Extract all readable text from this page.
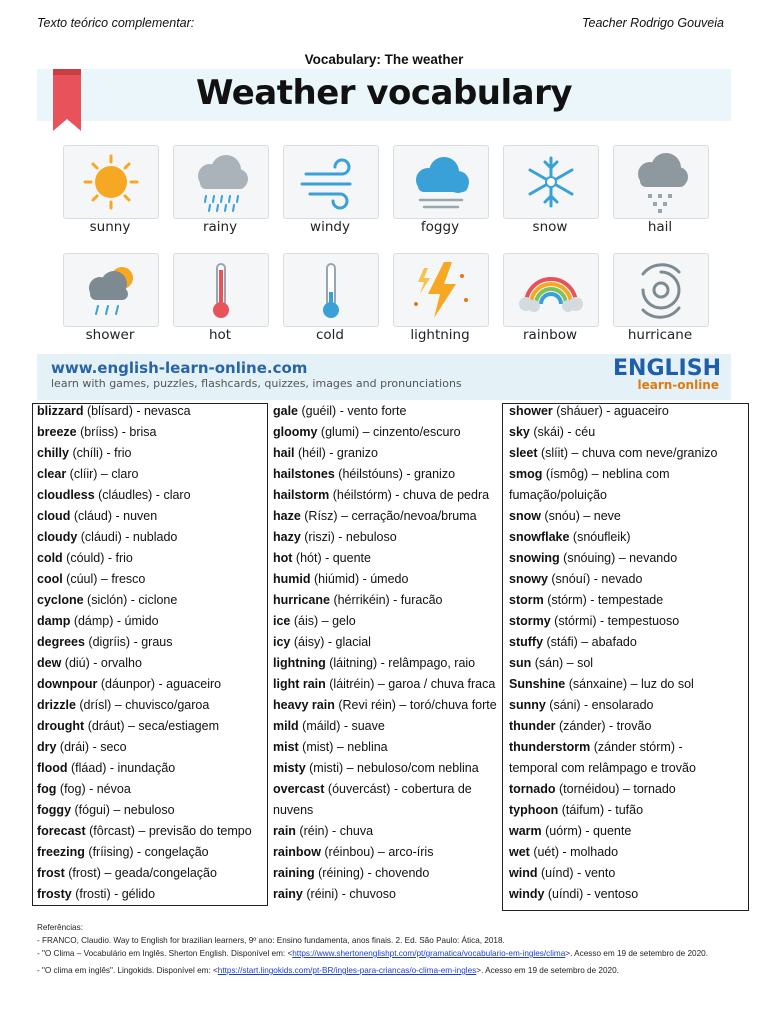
Texto teórico complementar:	Teacher Rodrigo Gouveia
Vocabulary: The weather
Weather vocabulary
sunny	rainy	windy	foggy	snow	hail
shower	hot	cold	lightning	rainbow	hurricane
www.english-learn-online.com
learn with games, puzzles, flashcards, quizzes, images and pronunciations
ENGLISH
learn-online
blizzard (blísard) - nevasca
breeze (bríiss) - brisa
chilly (chíli) - frio
clear (clíir) – claro
cloudless (cláudles) - claro
cloud (cláud) - nuven
cloudy (cláudi) - nublado
cold (cóuld) - frio
cool (cúul) – fresco
cyclone (siclón) - ciclone
damp (dámp) - úmido
degrees (digríis) - graus
dew (diú) - orvalho
downpour (dáunpor) - aguaceiro
drizzle (drísl) – chuvisco/garoa
drought (dráut) – seca/estiagem
dry (drái) - seco
flood (fláad) - inundação
fog (fog) - névoa
foggy (fógui) – nebuloso
forecast (fôrcast) – previsão do tempo
freezing (fríising) - congelação
frost (frost) – geada/congelação
frosty (frosti) - gélido
gale (guéil) - vento forte
gloomy (glumi) – cinzento/escuro
hail (héil) - granizo
hailstones (héilstóuns) - granizo
hailstorm (héilstórm) - chuva de pedra
haze (Rísz) – cerração/nevoa/bruma
hazy (riszi) - nebuloso
hot (hót) - quente
humid (hiúmid) - úmedo
hurricane (hérrikéin) - furacão
ice (áis) – gelo
icy (áisy) - glacial
lightning (láitning) - relâmpago, raio
light rain (láitréin) – garoa / chuva fraca
heavy rain (Revi réin) – toró/chuva forte
mild (máild) - suave
mist (mist) – neblina
misty (misti) – nebuloso/com neblina
overcast (óuvercást) - cobertura de
nuvens
rain (réin) - chuva
rainbow (réinbou) – arco-íris
raining (réining) - chovendo
rainy (réini) - chuvoso
shower (sháuer) - aguaceiro
sky (skái) - céu
sleet (slíit) – chuva com neve/granizo
smog (ísmôg) – neblina com
fumação/poluição
snow (snóu) – neve
snowflake (snóufleik)
snowing (snóuing) – nevando
snowy (snóuí) - nevado
storm (stórm) - tempestade
stormy (stórmi) - tempestuoso
stuffy (stáfi) – abafado
sun (sán) – sol
Sunshine (sánxaine) – luz do sol
sunny (sáni) - ensolarado
thunder (zánder) - trovão
thunderstorm (zánder stórm) -
temporal com relâmpago e trovão
tornado (tornéidou) – tornado
typhoon (táifum) - tufão
warm (uórm) - quente
wet (uét) - molhado
wind (uínd) - vento
windy (uíndi) - ventoso
Referências:
- FRANCO, Claudio. Way to English for brazilian learners, 9º ano: Ensino fundamenta, anos finais. 2. Ed. São Paulo: Ática, 2018.
- "O Clima – Vocabulário em Inglês. Sherton English. Disponível em: <https://www.shertonenglishpt.com/pt/gramatica/vocabulario-em-ingles/clima>. Acesso em 19 de setembro de 2020.
- "O clima em inglês". Lingokids. Disponível em: <https://start.lingokids.com/pt-BR/ingles-para-criancas/o-clima-em-ingles>. Acesso em 19 de setembro de 2020.
